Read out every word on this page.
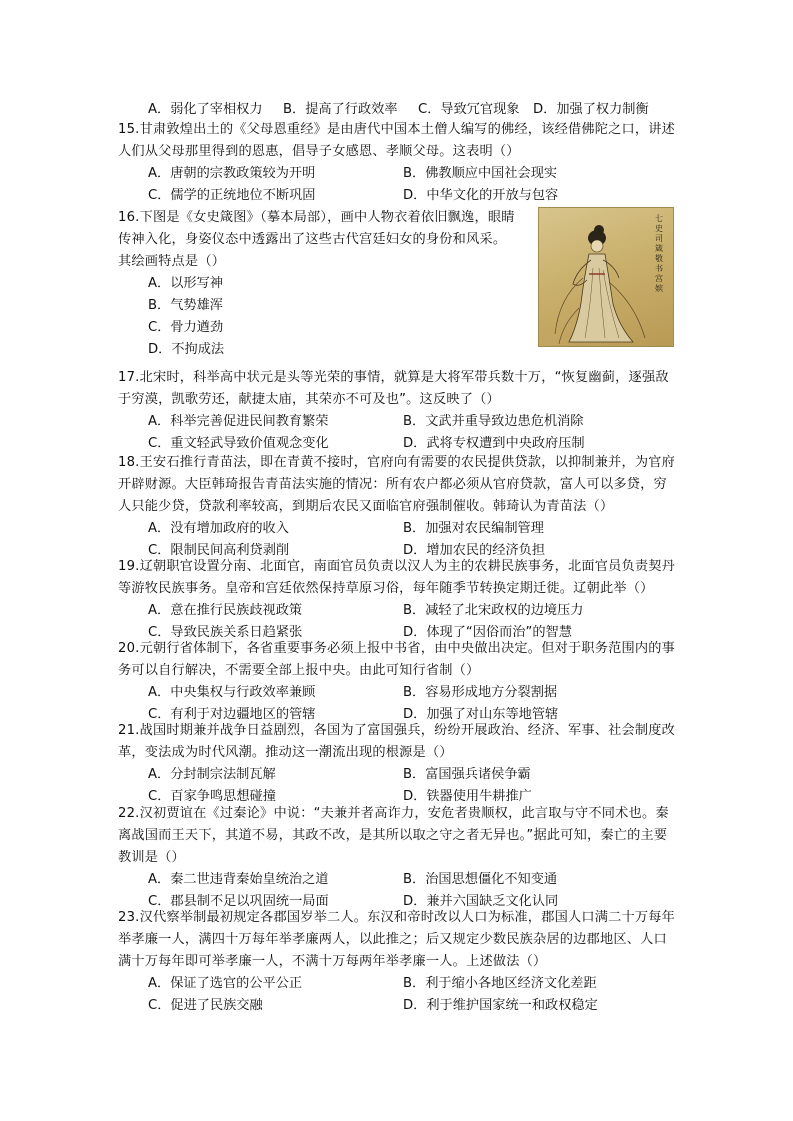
A．弱化了宰相权力 B．提高了行政效率 C．导致冗官现象 D．加强了权力制衡
15.甘肃敦煌出土的《父母恩重经》是由唐代中国本土僧人编写的佛经，该经借佛陀之口，讲述人们从父母那里得到的恩惠，倡导子女感恩、孝顺父母。这表明（）
A．唐朝的宗教政策较为开明	B．佛教顺应中国社会现实
C．儒学的正统地位不断巩固	D．中华文化的开放与包容
16.下图是《女史箴图》（摹本局部），画中人物衣着依旧飘逸，眼睛传神入化，身姿仪态中透露出了这些古代宫廷妇女的身份和风采。其绘画特点是（）
A．以形写神
B．气势雄浑
C．骨力遒劲
D．不拘成法
七史司箴敬书宫嫔
17.北宋时，科举高中状元是头等光荣的事情，就算是大将军带兵数十万，“恢复幽蓟，逐强敌于穷漠，凯歌劳还，献捷太庙，其荣亦不可及也”。这反映了（）
A．科举完善促进民间教育繁荣	B．文武并重导致边患危机消除
C．重文轻武导致价值观念变化	D．武将专权遭到中央政府压制
18.王安石推行青苗法，即在青黄不接时，官府向有需要的农民提供贷款，以抑制兼并，为官府开辟财源。大臣韩琦报告青苗法实施的情况：所有农户都必须从官府贷款，富人可以多贷，穷人只能少贷，贷款利率较高，到期后农民又面临官府强制催收。韩琦认为青苗法（）
A．没有增加政府的收入	B．加强对农民编制管理
C．限制民间高利贷剥削	D．增加农民的经济负担
19.辽朝职官设置分南、北面官，南面官员负责以汉人为主的农耕民族事务，北面官员负责契丹等游牧民族事务。皇帝和宫廷依然保持草原习俗，每年随季节转换定期迁徙。辽朝此举（）
A．意在推行民族歧视政策	B．减轻了北宋政权的边境压力
C．导致民族关系日趋紧张	D．体现了“因俗而治”的智慧
20.元朝行省体制下，各省重要事务必须上报中书省，由中央做出决定。但对于职务范围内的事务可以自行解决，不需要全部上报中央。由此可知行省制（）
A．中央集权与行政效率兼顾	B．容易形成地方分裂割据
C．有利于对边疆地区的管辖	D．加强了对山东等地管辖
21.战国时期兼并战争日益剧烈，各国为了富国强兵，纷纷开展政治、经济、军事、社会制度改革，变法成为时代风潮。推动这一潮流出现的根源是（）
A．分封制宗法制瓦解	B．富国强兵诸侯争霸
C．百家争鸣思想碰撞	D．铁器使用牛耕推广
22.汉初贾谊在《过秦论》中说：“夫兼并者高诈力，安危者贵顺权，此言取与守不同术也。秦离战国而王天下，其道不易，其政不改，是其所以取之守之者无异也。”据此可知，秦亡的主要教训是（）
A．秦二世违背秦始皇统治之道	B．治国思想僵化不知变通
C．郡县制不足以巩固统一局面	D．兼并六国缺乏文化认同
23.汉代察举制最初规定各郡国岁举二人。东汉和帝时改以人口为标准，郡国人口满二十万每年举孝廉一人，满四十万每年举孝廉两人，以此推之；后又规定少数民族杂居的边郡地区、人口满十万每年即可举孝廉一人，不满十万每两年举孝廉一人。上述做法（）
A．保证了选官的公平公正	B．利于缩小各地区经济文化差距
C．促进了民族交融	D．利于维护国家统一和政权稳定
